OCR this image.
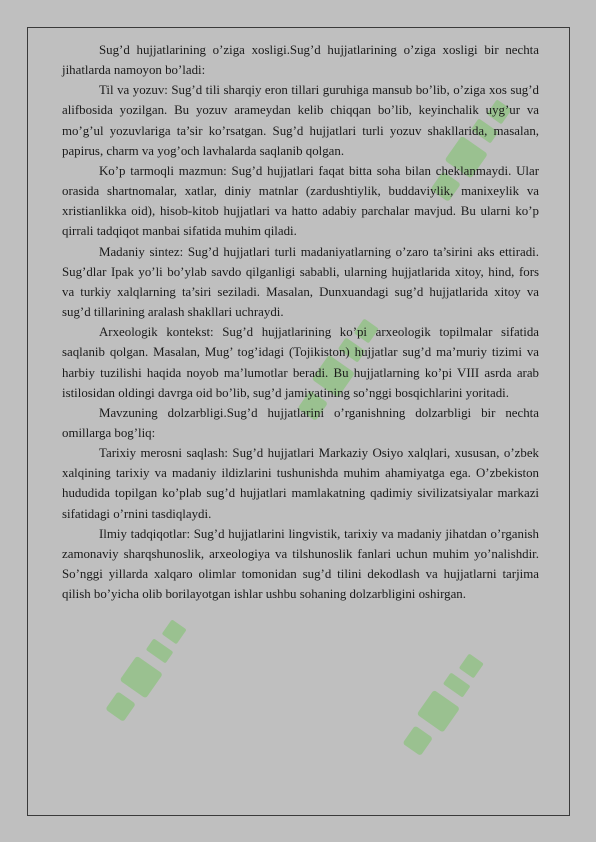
Sug’d hujjatlarining o’ziga xosligi.Sug’d hujjatlarining o’ziga xosligi bir nechta jihatlarda namoyon bo’ladi:

Til va yozuv: Sug’d tili sharqiy eron tillari guruhiga mansub bo’lib, o’ziga xos sug’d alifbosida yozilgan. Bu yozuv arameydan kelib chiqqan bo’lib, keyinchalik uyg’ur va mo’g’ul yozuvlariga ta’sir ko’rsatgan. Sug’d hujjatlari turli yozuv shakllarida, masalan, papirus, charm va yog’och lavhalarda saqlanib qolgan.

Ko’p tarmoqli mazmun: Sug’d hujjatlari faqat bitta soha bilan cheklanmaydi. Ular orasida shartnomalar, xatlar, diniy matnlar (zardushtiylik, buddaviylik, manixeylik va xristianlikka oid), hisob-kitob hujjatlari va hatto adabiy parchalar mavjud. Bu ularni ko’p qirrali tadqiqot manbai sifatida muhim qiladi.

Madaniy sintez: Sug’d hujjatlari turli madaniyatlarning o’zaro ta’sirini aks ettiradi. Sug’dlar Ipak yo’li bo’ylab savdo qilganligi sababli, ularning hujjatlarida xitoy, hind, fors va turkiy xalqlarning ta’siri seziladi. Masalan, Dunxuandagi sug’d hujjatlarida xitoy va sug’d tillarining aralash shakllari uchraydi.

Arxeologik kontekst: Sug’d hujjatlarining ko’pi arxeologik topilmalar sifatida saqlanib qolgan. Masalan, Mug’ tog’idagi (Tojikiston) hujjatlar sug’d ma’muriy tizimi va harbiy tuzilishi haqida noyob ma’lumotlar beradi. Bu hujjatlarning ko’pi VIII asrda arab istilosidan oldingi davrga oid bo’lib, sug’d jamiyatining so’nggi bosqichlarini yoritadi.

Mavzuning dolzarbligi.Sug’d hujjatlarini o’rganishning dolzarbligi bir nechta omillarga bog’liq:

Tarixiy merosni saqlash: Sug’d hujjatlari Markaziy Osiyo xalqlari, xususan, o’zbek xalqining tarixiy va madaniy ildizlarini tushunishda muhim ahamiyatga ega. O’zbekiston hududida topilgan ko’plab sug’d hujjatlari mamlakatning qadimiy sivilizatsiyalar markazi sifatidagi o’rnini tasdiqlaydi.

Ilmiy tadqiqotlar: Sug’d hujjatlarini lingvistik, tarixiy va madaniy jihatdan o’rganish zamonaviy sharqshunoslik, arxeologiya va tilshunoslik fanlari uchun muhim yo’nalishdir. So’nggi yillarda xalqaro olimlar tomonidan sug’d tilini dekodlash va hujjatlarni tarjima qilish bo’yicha olib borilayotgan ishlar ushbu sohaning dolzarbligini oshirgan.
